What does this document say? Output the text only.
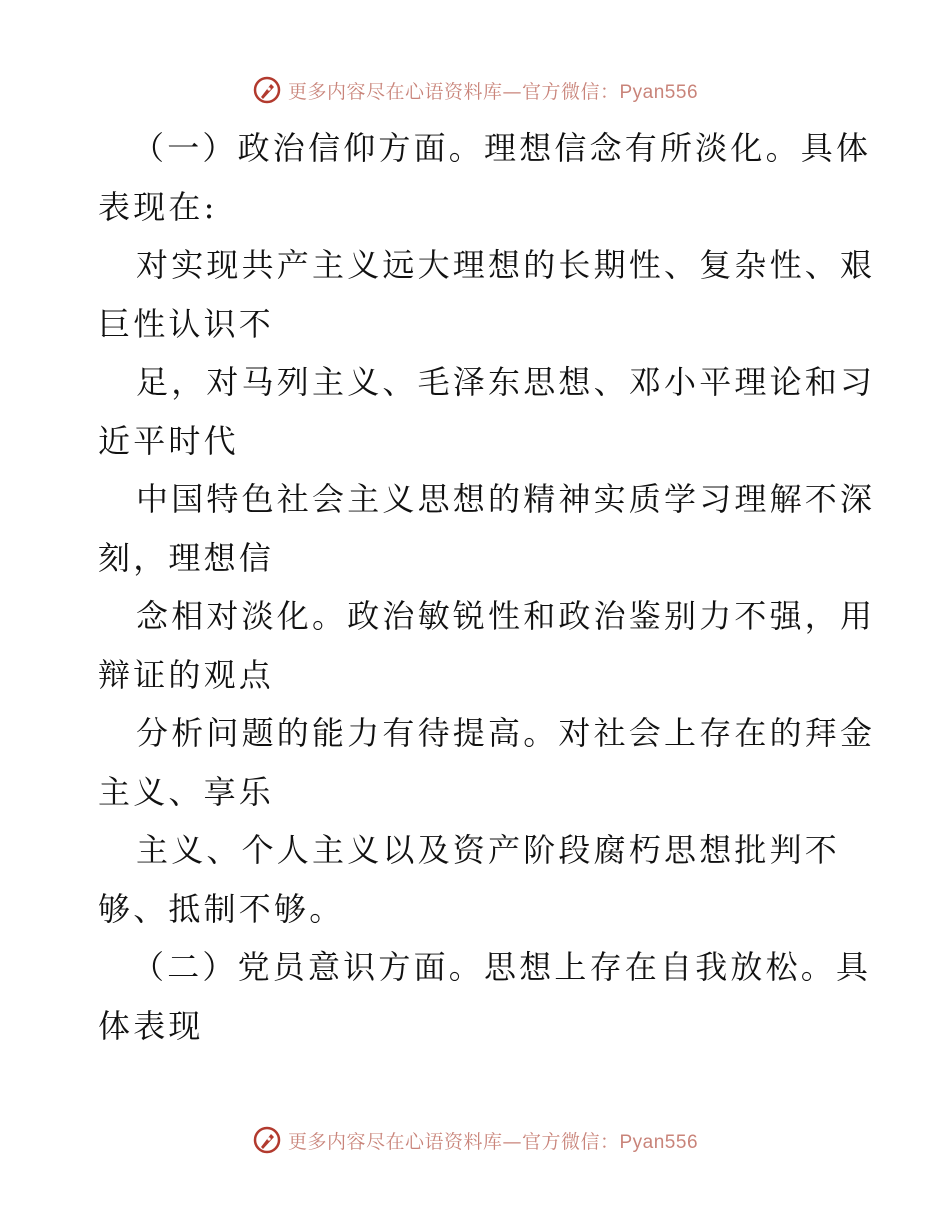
更多内容尽在心语资料库—官方微信：Pyan556
（一）政治信仰方面。理想信念有所淡化。具体
表现在:
对实现共产主义远大理想的长期性、复杂性、艰
巨性认识不
足，对马列主义、毛泽东思想、邓小平理论和习
近平时代
中国特色社会主义思想的精神实质学习理解不深
刻，理想信
念相对淡化。政治敏锐性和政治鉴别力不强，用
辩证的观点
分析问题的能力有待提高。对社会上存在的拜金
主义、享乐
主义、个人主义以及资产阶段腐朽思想批判不
够、抵制不够。
（二）党员意识方面。思想上存在自我放松。具
体表现
更多内容尽在心语资料库—官方微信：Pyan556
